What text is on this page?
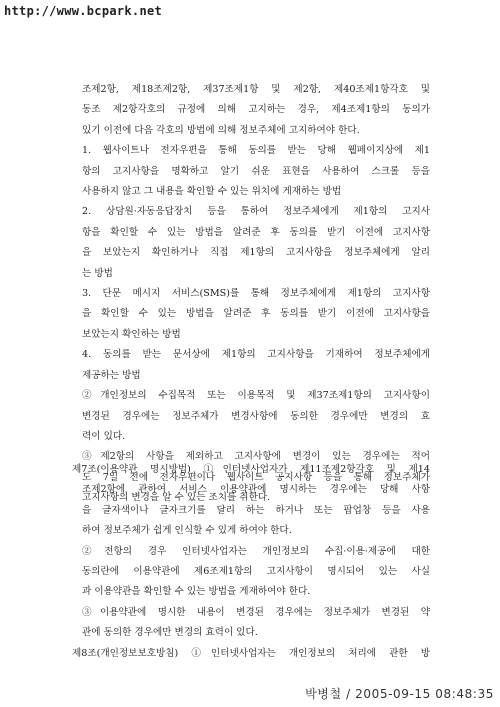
http://www.bcpark.net
조제2항, 제18조제2항, 제37조제1항 및 제2항, 제40조제1항각호 및
동조 제2항각호의 규정에 의해 고지하는 경우, 제4조제1항의 동의가
있기 이전에 다음 각호의 방법에 의해 정보주체에 고지하여야 한다.
1. 웹사이트나 전자우편을 통해 동의를 받는 당해 웹페이지상에 제1
항의 고지사항을 명확하고 알기 쉬운 표현을 사용하여 스크롤 등을
사용하지 않고 그 내용을 확인할 수 있는 위치에 게재하는 방법
2. 상담원·자동응답장치 등을 통하여 정보주체에게 제1항의 고지사
항을 확인할 수 있는 방법을 알려준 후 동의를 받기 이전에 고지사항
을 보았는지 확인하거나 직접 제1항의 고지사항을 정보주체에게 알리
는 방법
3. 단문 메시지 서비스(SMS)를 통해 정보주체에게 제1항의 고지사항
을 확인할 수 있는 방법을 알려준 후 동의를 받기 이전에 고지사항을
보았는지 확인하는 방법
4. 동의를 받는 문서상에 제1항의 고지사항을 기재하여 정보주체에게
제공하는 방법
②개인정보의 수집목적 또는 이용목적 및 제37조제1항의 고지사항이
변경된 경우에는 정보주체가 변경사항에 동의한 경우에만 변경의 효
력이 있다.
③제2항의 사항을 제외하고 고지사항에 변경이 있는 경우에는 적어
도 7일 전에 전자우편이나 웹사이트 공지사항 등을 통해 정보주체가
고지사항의 변경을 알 수 있는 조치를 취한다.
제7조(이용약관 명시방법) ①인터넷사업자가 제11조제2항각호 및 제14
조제2항에 관하여 서비스 이용약관에 명시하는 경우에는 당해 사항
을 글자색이나 글자크기를 달리 하는 하거나 또는 팝업창 등을 사용
하여 정보주체가 쉽게 인식할 수 있게 하여야 한다.
②전항의 경우 인터넷사업자는 개인정보의 수집·이용·제공에 대한
동의란에 이용약관에 제6조제1항의 고지사항이 명시되어 있는 사실
과 이용약관을 확인할 수 있는 방법을 게재하여야 한다.
③이용약관에 명시한 내용이 변경된 경우에는 정보주체가 변경된 약
관에 동의한 경우에만 변경의 효력이 있다.
제8조(개인정보보호방침) ①인터넷사업자는 개인정보의 처리에 관한 방
박병철 / 2005-09-15 08:48:35
